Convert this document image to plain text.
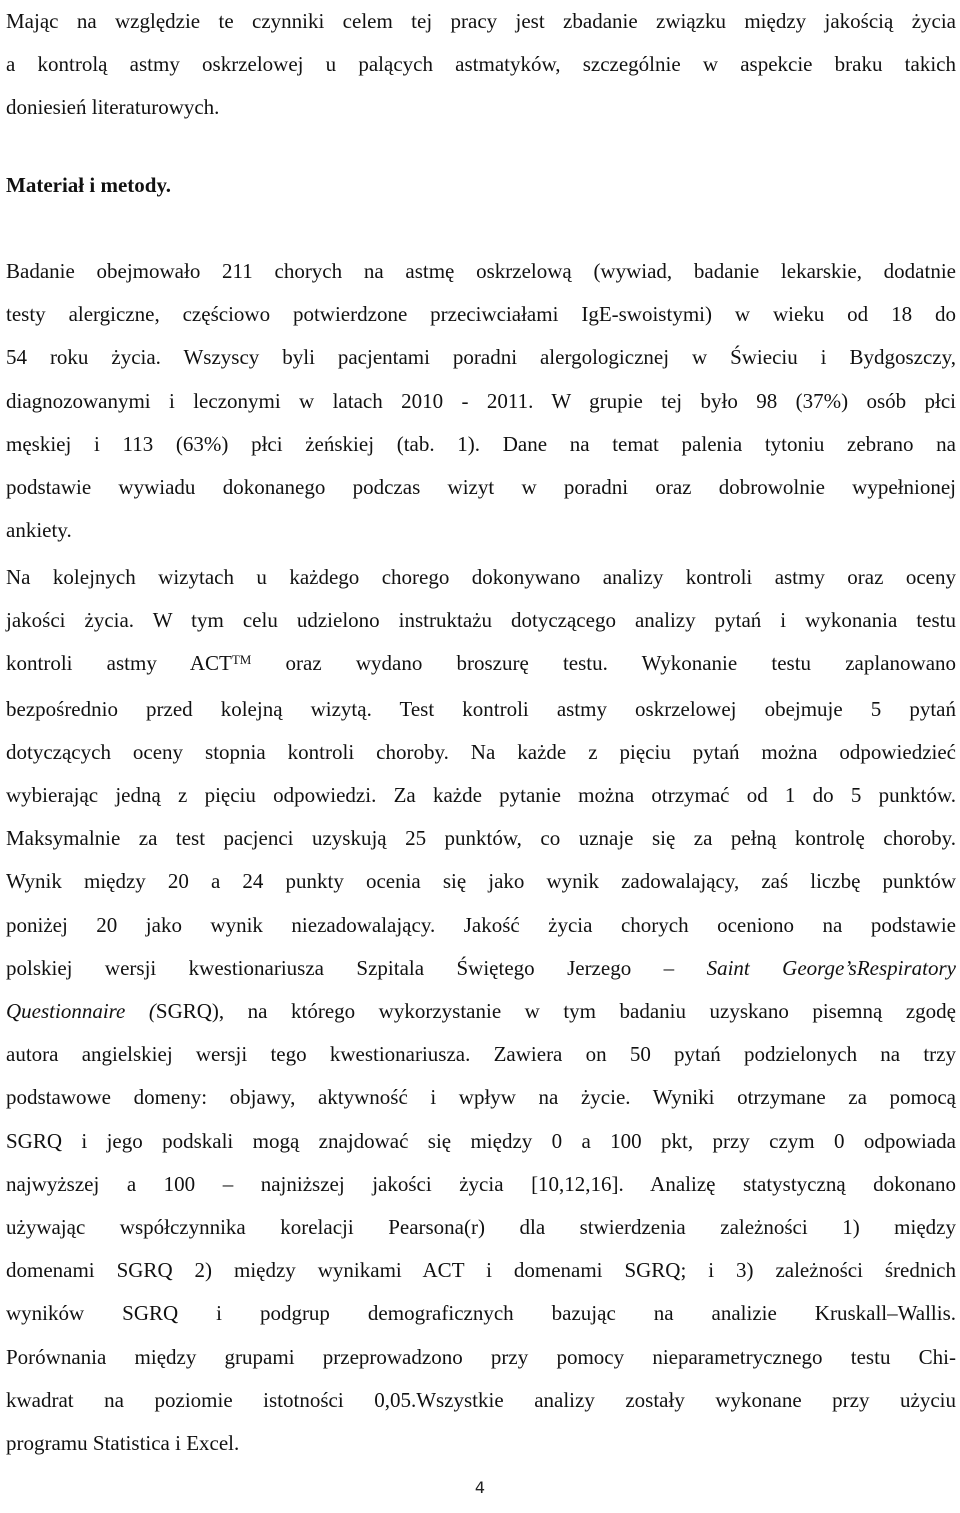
Mając na względzie te czynniki celem tej pracy jest zbadanie związku między jakością życia
a kontrolą astmy oskrzelowej u palących astmatyków, szczególnie w aspekcie braku takich
doniesień literaturowych.
Materiał i metody.
Badanie obejmowało 211 chorych na astmę oskrzelową (wywiad, badanie lekarskie, dodatnie
testy alergiczne, częściowo potwierdzone przeciwciałami IgE-swoistymi) w wieku od 18 do
54 roku życia. Wszyscy byli pacjentami poradni alergologicznej w Świeciu i Bydgoszczy,
diagnozowanymi i leczonymi w latach 2010 - 2011. W grupie tej było 98 (37%) osób płci
męskiej i 113 (63%) płci żeńskiej (tab. 1). Dane na temat palenia tytoniu zebrano na
podstawie wywiadu dokonanego podczas wizyt w poradni oraz dobrowolnie wypełnionej
ankiety.
Na kolejnych wizytach u każdego chorego dokonywano analizy kontroli astmy oraz oceny
jakości życia. W tym celu udzielono instruktażu dotyczącego analizy pytań i wykonania testu
kontroli  astmy  ACT™  oraz  wydano  broszurę  testu.  Wykonanie  testu  zaplanowano
bezpośrednio przed kolejną wizytą. Test kontroli astmy oskrzelowej obejmuje 5 pytań
dotyczących oceny stopnia kontroli choroby. Na każde z pięciu pytań można odpowiedzieć
wybierając jedną z pięciu odpowiedzi. Za każde pytanie można otrzymać od 1 do 5 punktów.
Maksymalnie za test pacjenci uzyskują 25 punktów, co uznaje się za pełną kontrolę choroby.
Wynik między 20 a 24 punkty ocenia się jako wynik zadowalający, zaś liczbę punktów
poniżej 20 jako wynik niezadowalający. Jakość życia chorych oceniono na podstawie
polskiej wersji kwestionariusza Szpitala Świętego Jerzego – Saint George’sRespiratory
Questionnaire (SGRQ), na którego wykorzystanie w tym badaniu uzyskano pisemną zgodę
autora angielskiej wersji tego kwestionariusza. Zawiera on 50 pytań podzielonych na trzy
podstawowe domeny: objawy, aktywność i wpływ na życie. Wyniki otrzymane za pomocą
SGRQ i jego podskali mogą znajdować się między 0 a 100 pkt, przy czym 0 odpowiada
najwyższej a 100 – najniższej jakości życia [10,12,16]. Analizę statystyczną dokonano
używając współczynnika korelacji Pearsona(r) dla stwierdzenia zależności 1) między
domenami SGRQ 2) między wynikami ACT i domenami SGRQ; i 3) zależności średnich
wyników SGRQ i podgrup demograficznych bazując na analizie Kruskall–Wallis.
Porównania między grupami przeprowadzono przy pomocy nieparametrycznego testu Chi-
kwadrat na poziomie istotności 0,05.Wszystkie analizy zostały wykonane przy użyciu
programu Statistica i Excel.
4
